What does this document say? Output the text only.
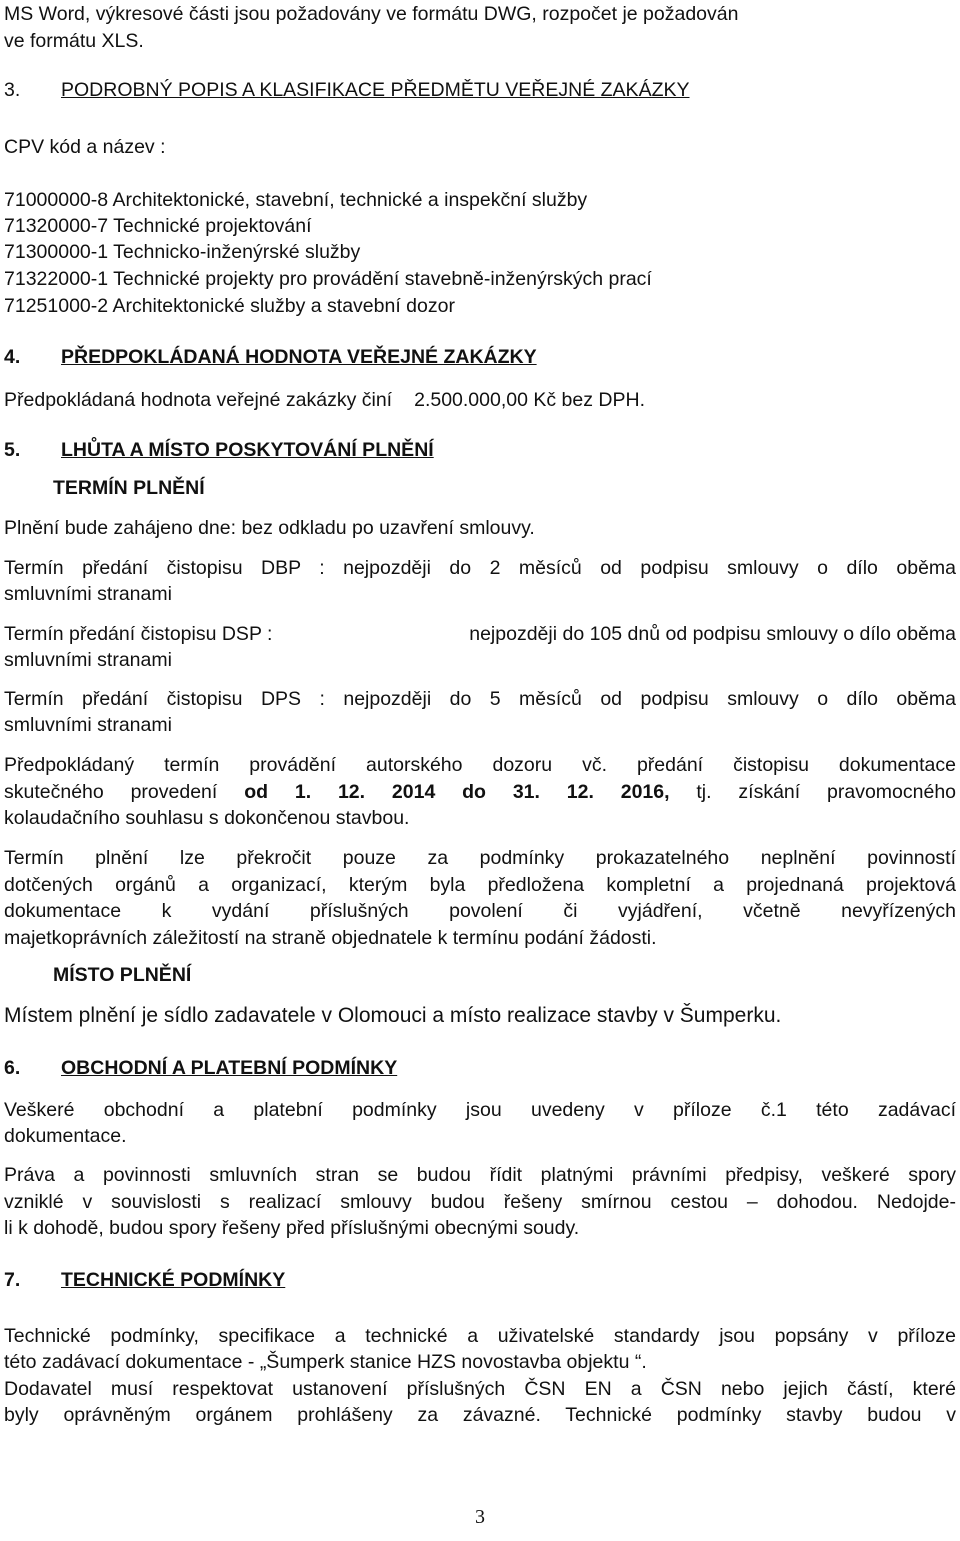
MS Word, výkresové části jsou požadovány ve formátu DWG, rozpočet je požadován
ve formátu XLS.
3. PODROBNÝ POPIS A KLASIFIKACE PŘEDMĚTU VEŘEJNÉ ZAKÁZKY
CPV kód a název :
71000000-8 Architektonické, stavební, technické a inspekční služby
71320000-7 Technické projektování
71300000-1 Technicko-inženýrské služby
71322000-1 Technické projekty pro provádění stavebně-inženýrských prací
71251000-2 Architektonické služby a stavební dozor
4. PŘEDPOKLÁDANÁ HODNOTA VEŘEJNÉ ZAKÁZKY
Předpokládaná hodnota veřejné zakázky činí 2.500.000,00 Kč bez DPH.
5. LHŮTA A MÍSTO POSKYTOVÁNÍ PLNĚNÍ
TERMÍN PLNĚNÍ
Plnění bude zahájeno dne: bez odkladu po uzavření smlouvy.
Termín předání čistopisu DBP : nejpozději do 2 měsíců od podpisu smlouvy o dílo oběma
smluvními stranami
Termín předání čistopisu DSP :	nejpozději do 105 dnů od podpisu smlouvy o dílo oběma
smluvními stranami
Termín předání čistopisu DPS : nejpozději do 5 měsíců od podpisu smlouvy o dílo oběma
smluvními stranami
Předpokládaný termín provádění autorského dozoru vč. předání čistopisu dokumentace
skutečného provedení od 1. 12. 2014 do 31. 12. 2016, tj. získání pravomocného
kolaudačního souhlasu s dokončenou stavbou.
Termín plnění lze překročit pouze za podmínky prokazatelného neplnění povinností
dotčených orgánů a organizací, kterým byla předložena kompletní a projednaná projektová
dokumentace k vydání příslušných povolení či vyjádření, včetně nevyřízených
majetkoprávních záležitostí na straně objednatele k termínu podání žádosti.
MÍSTO PLNĚNÍ
Místem plnění je sídlo zadavatele v Olomouci a místo realizace stavby v Šumperku.
6. OBCHODNÍ A PLATEBNÍ PODMÍNKY
Veškeré obchodní a platební podmínky jsou uvedeny v příloze č.1 této zadávací
dokumentace.
Práva a povinnosti smluvních stran se budou řídit platnými právními předpisy, veškeré spory
vzniklé v souvislosti s realizací smlouvy budou řešeny smírnou cestou – dohodou. Nedojde-
li k dohodě, budou spory řešeny před příslušnými obecnými soudy.
7. TECHNICKÉ PODMÍNKY
Technické podmínky, specifikace a technické a uživatelské standardy jsou popsány v příloze
této zadávací dokumentace - „Šumperk stanice HZS novostavba objektu “.
Dodavatel musí respektovat ustanovení příslušných ČSN EN a ČSN nebo jejich částí, které
byly oprávněným orgánem prohlášeny za závazné. Technické podmínky stavby budou v
3
